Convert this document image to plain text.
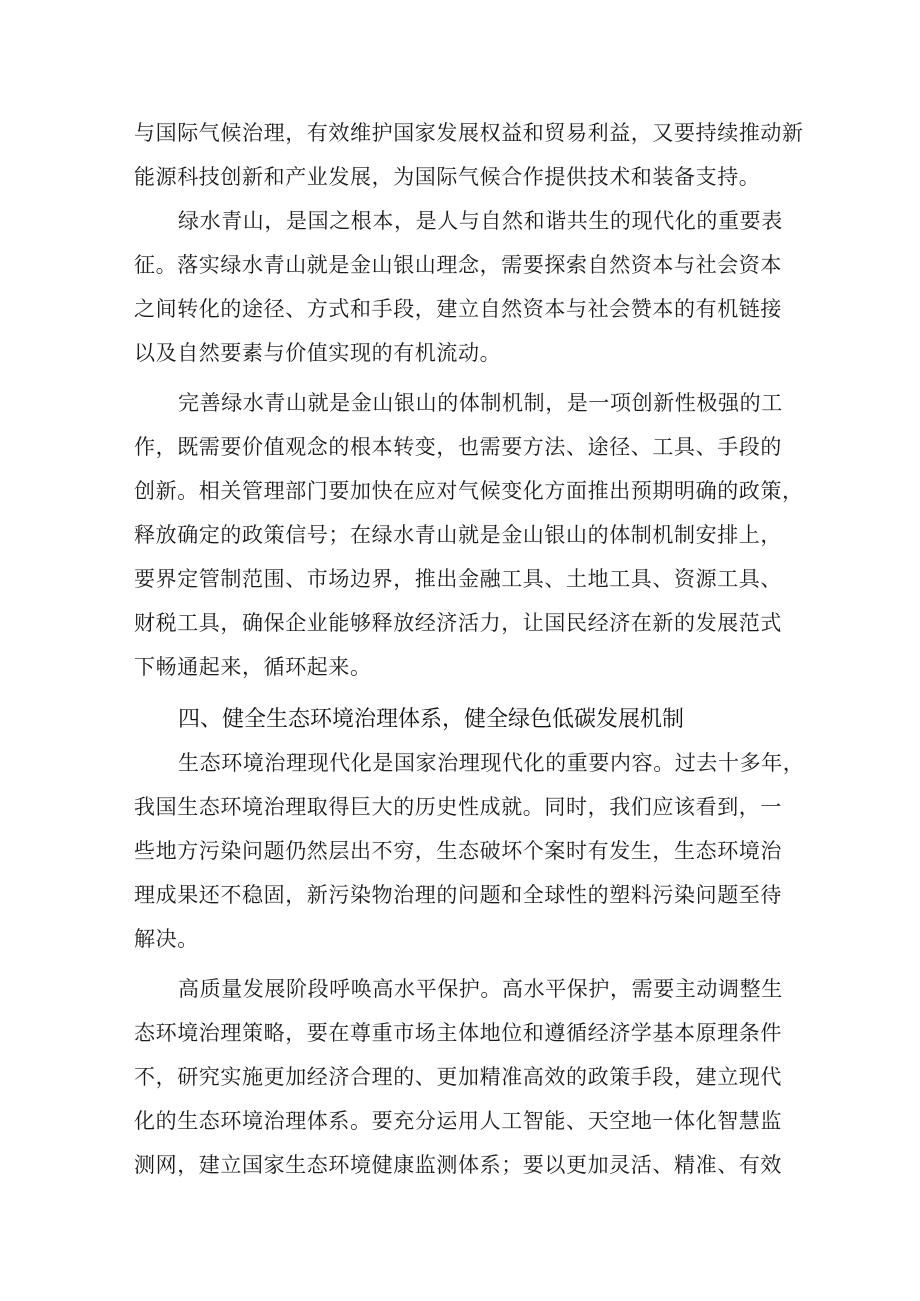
与国际气候治理，有效维护国家发展权益和贸易利益，又要持续推动新
能源科技创新和产业发展，为国际气候合作提供技术和装备支持。
绿水青山，是国之根本，是人与自然和谐共生的现代化的重要表
征。落实绿水青山就是金山银山理念，需要探索自然资本与社会资本
之间转化的途径、方式和手段，建立自然资本与社会赞本的有机链接
以及自然要素与价值实现的有机流动。
完善绿水青山就是金山银山的体制机制，是一项创新性极强的工
作，既需要价值观念的根本转变，也需要方法、途径、工具、手段的
创新。相关管理部门要加快在应对气候变化方面推出预期明确的政策，
释放确定的政策信号；在绿水青山就是金山银山的体制机制安排上，
要界定管制范围、市场边界，推出金融工具、土地工具、资源工具、
财税工具，确保企业能够释放经济活力，让国民经济在新的发展范式
下畅通起来，循环起来。
四、健全生态环境治理体系，健全绿色低碳发展机制
生态环境治理现代化是国家治理现代化的重要内容。过去十多年，
我国生态环境治理取得巨大的历史性成就。同时，我们应该看到，一
些地方污染问题仍然层出不穷，生态破坏个案时有发生，生态环境治
理成果还不稳固，新污染物治理的问题和全球性的塑料污染问题至待
解决。
高质量发展阶段呼唤高水平保护。高水平保护，需要主动调整生
态环境治理策略，要在尊重市场主体地位和遵循经济学基本原理条件
不，研究实施更加经济合理的、更加精准高效的政策手段，建立现代
化的生态环境治理体系。要充分运用人工智能、天空地一体化智慧监
测网，建立国家生态环境健康监测体系；要以更加灵活、精准、有效
